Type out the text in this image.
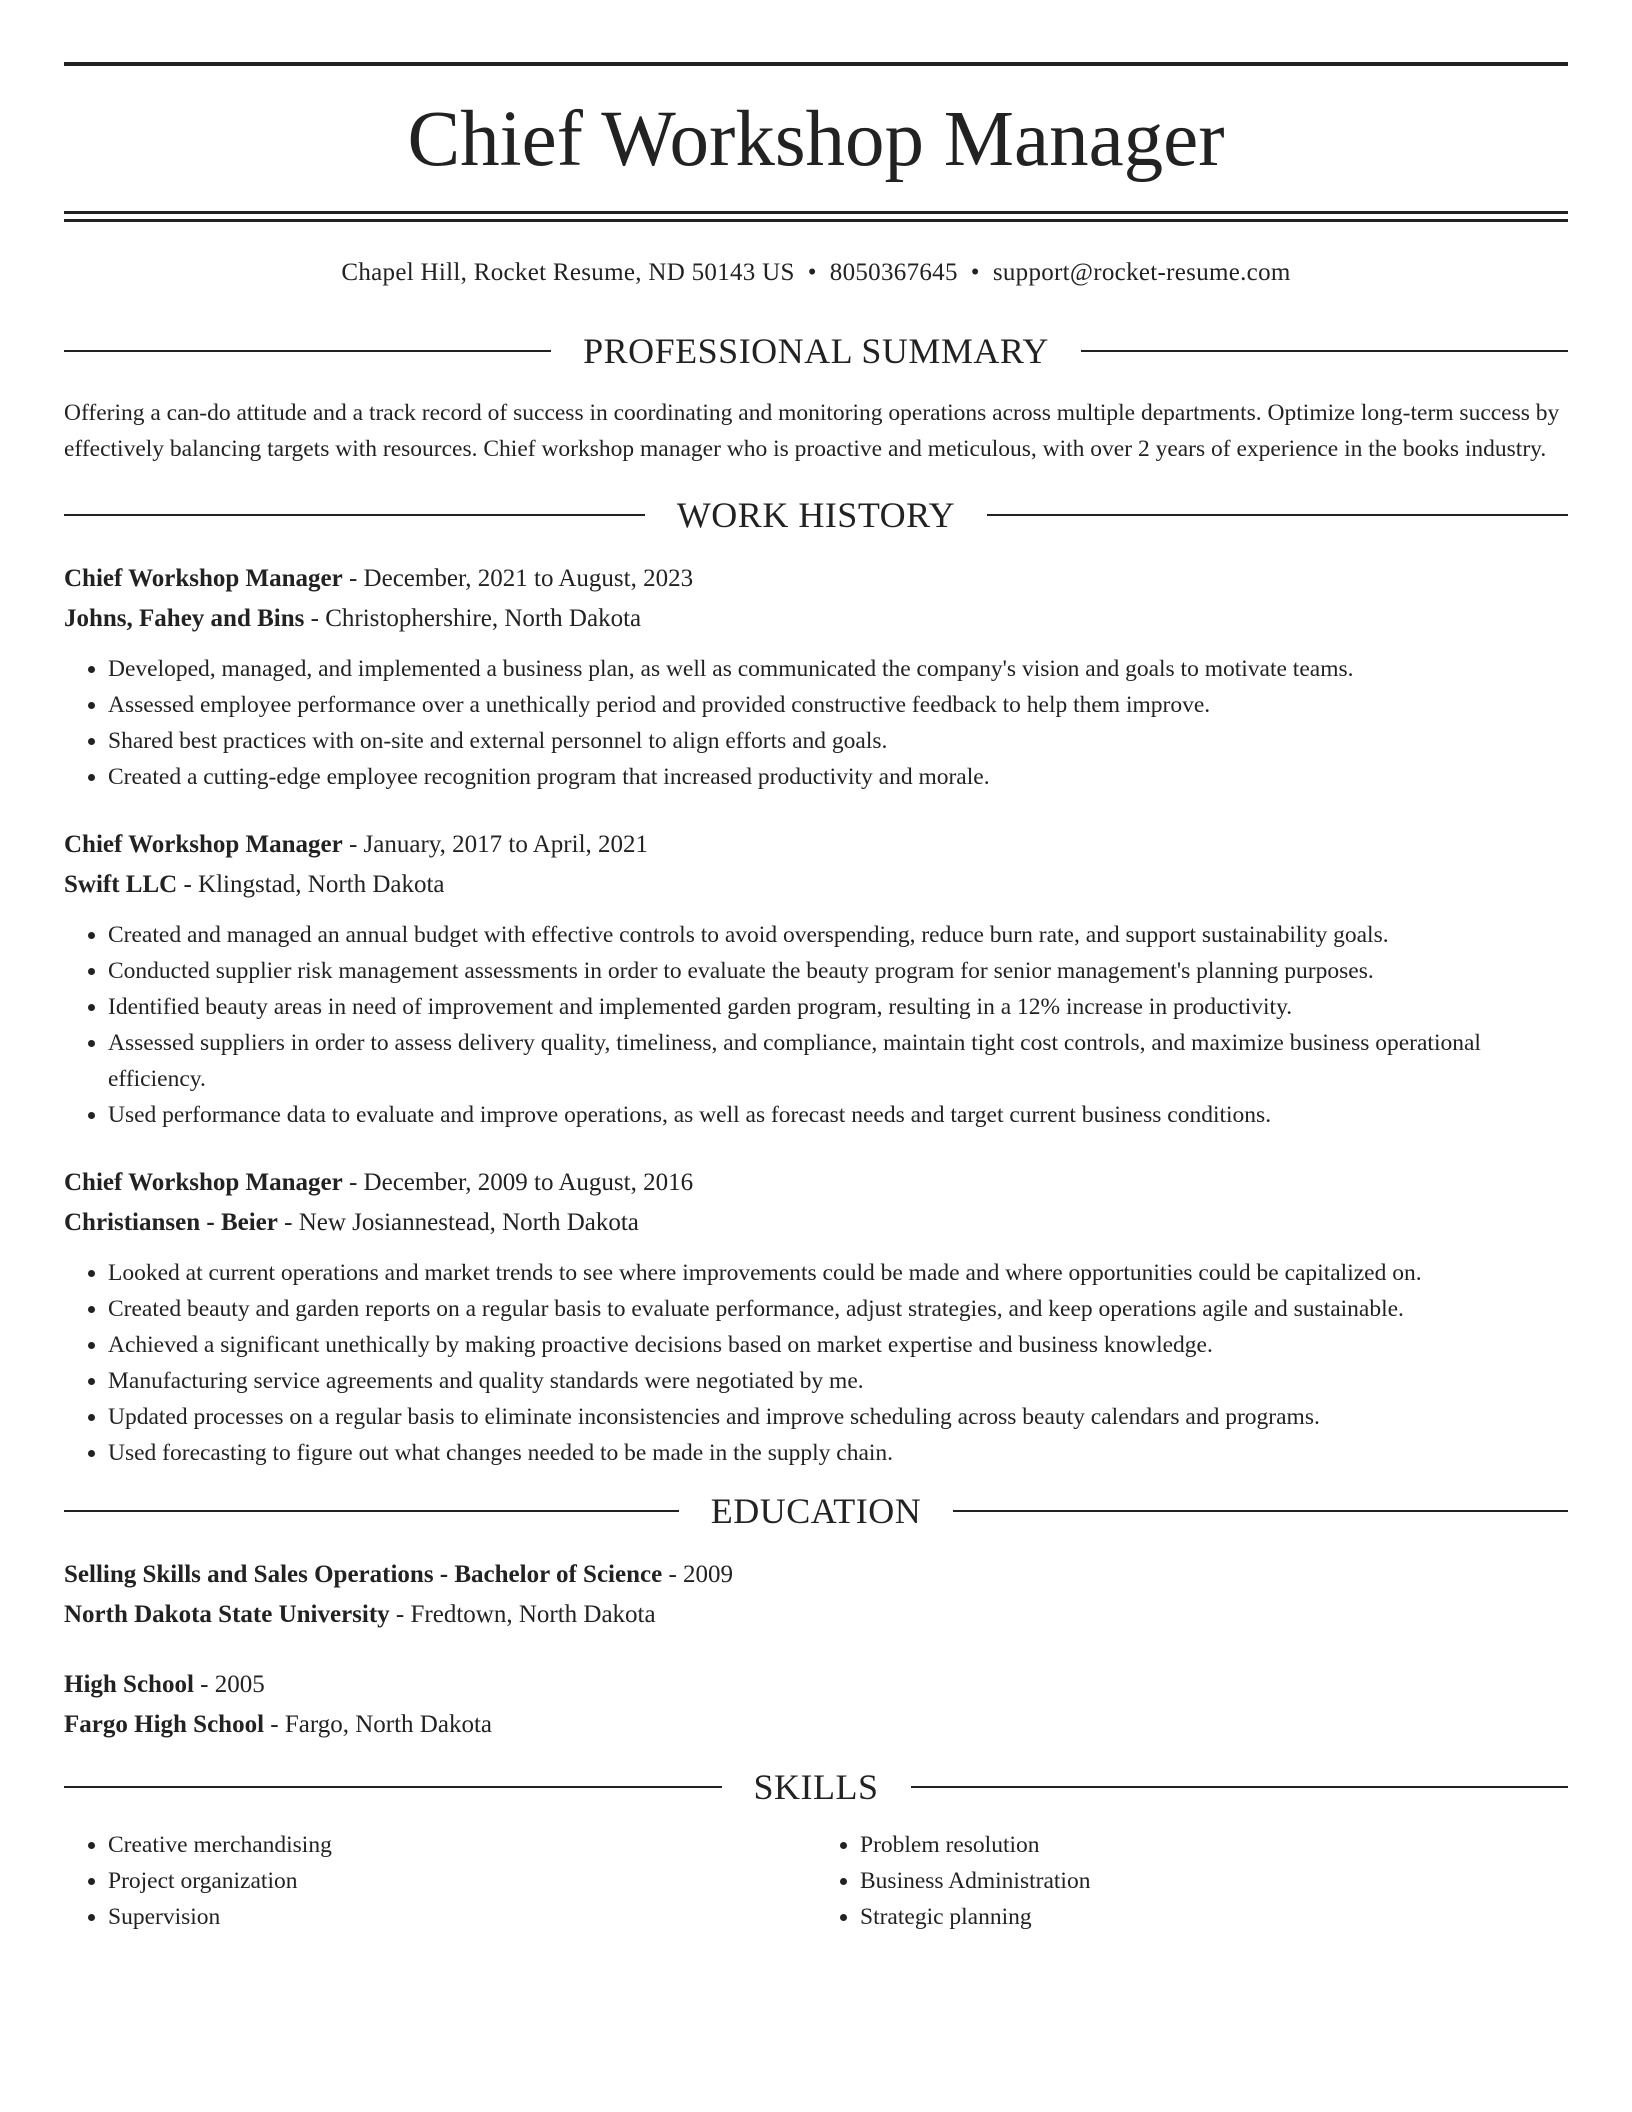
Chief Workshop Manager
Chapel Hill, Rocket Resume, ND 50143 US • 8050367645 • support@rocket-resume.com
PROFESSIONAL SUMMARY
Offering a can-do attitude and a track record of success in coordinating and monitoring operations across multiple departments. Optimize long-term success by effectively balancing targets with resources. Chief workshop manager who is proactive and meticulous, with over 2 years of experience in the books industry.
WORK HISTORY
Chief Workshop Manager - December, 2021 to August, 2023
Johns, Fahey and Bins - Christophershire, North Dakota
• Developed, managed, and implemented a business plan, as well as communicated the company's vision and goals to motivate teams.
• Assessed employee performance over a unethically period and provided constructive feedback to help them improve.
• Shared best practices with on-site and external personnel to align efforts and goals.
• Created a cutting-edge employee recognition program that increased productivity and morale.
Chief Workshop Manager - January, 2017 to April, 2021
Swift LLC - Klingstad, North Dakota
• Created and managed an annual budget with effective controls to avoid overspending, reduce burn rate, and support sustainability goals.
• Conducted supplier risk management assessments in order to evaluate the beauty program for senior management's planning purposes.
• Identified beauty areas in need of improvement and implemented garden program, resulting in a 12% increase in productivity.
• Assessed suppliers in order to assess delivery quality, timeliness, and compliance, maintain tight cost controls, and maximize business operational efficiency.
• Used performance data to evaluate and improve operations, as well as forecast needs and target current business conditions.
Chief Workshop Manager - December, 2009 to August, 2016
Christiansen - Beier - New Josiannestead, North Dakota
• Looked at current operations and market trends to see where improvements could be made and where opportunities could be capitalized on.
• Created beauty and garden reports on a regular basis to evaluate performance, adjust strategies, and keep operations agile and sustainable.
• Achieved a significant unethically by making proactive decisions based on market expertise and business knowledge.
• Manufacturing service agreements and quality standards were negotiated by me.
• Updated processes on a regular basis to eliminate inconsistencies and improve scheduling across beauty calendars and programs.
• Used forecasting to figure out what changes needed to be made in the supply chain.
EDUCATION
Selling Skills and Sales Operations - Bachelor of Science - 2009
North Dakota State University - Fredtown, North Dakota
High School - 2005
Fargo High School - Fargo, North Dakota
SKILLS
• Creative merchandising
• Project organization
• Supervision
• Problem resolution
• Business Administration
• Strategic planning
